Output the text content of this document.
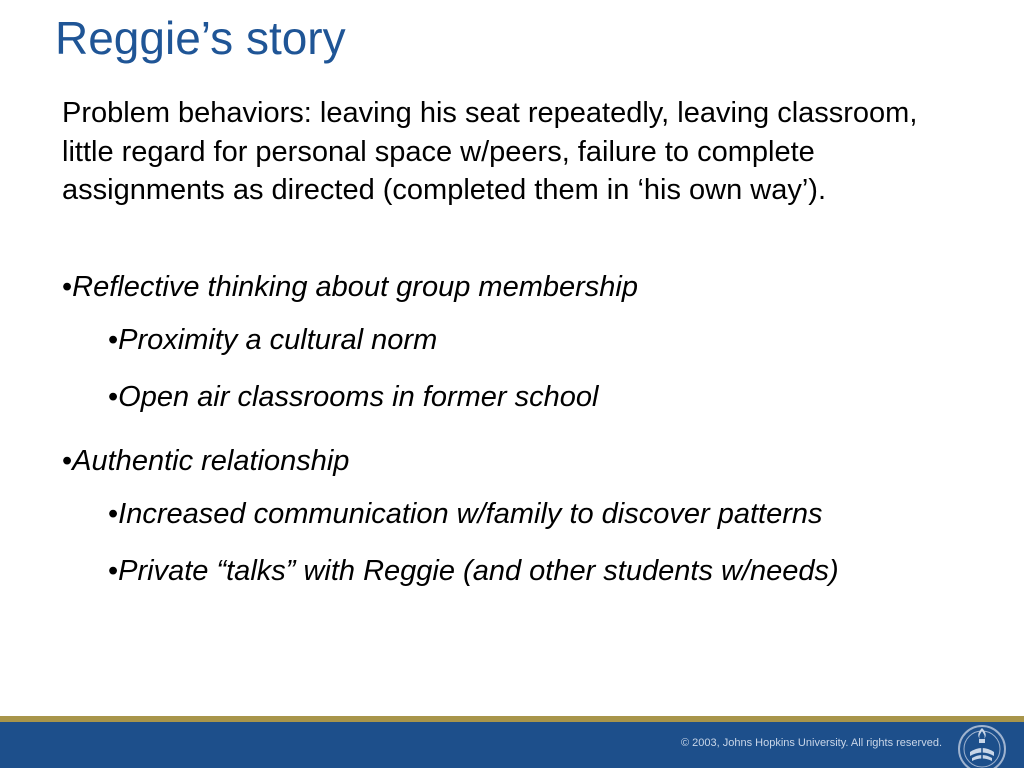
Reggie’s story

Problem behaviors: leaving his seat repeatedly, leaving classroom, little regard for personal space w/peers, failure to complete assignments as directed (completed them in ‘his own way’).

•Reflective thinking about group membership
•Proximity a cultural norm
•Open air classrooms in former school
•Authentic relationship
•Increased communication w/family to discover patterns
•Private “talks” with Reggie (and other students w/needs)
© 2003, Johns Hopkins University. All rights reserved.
